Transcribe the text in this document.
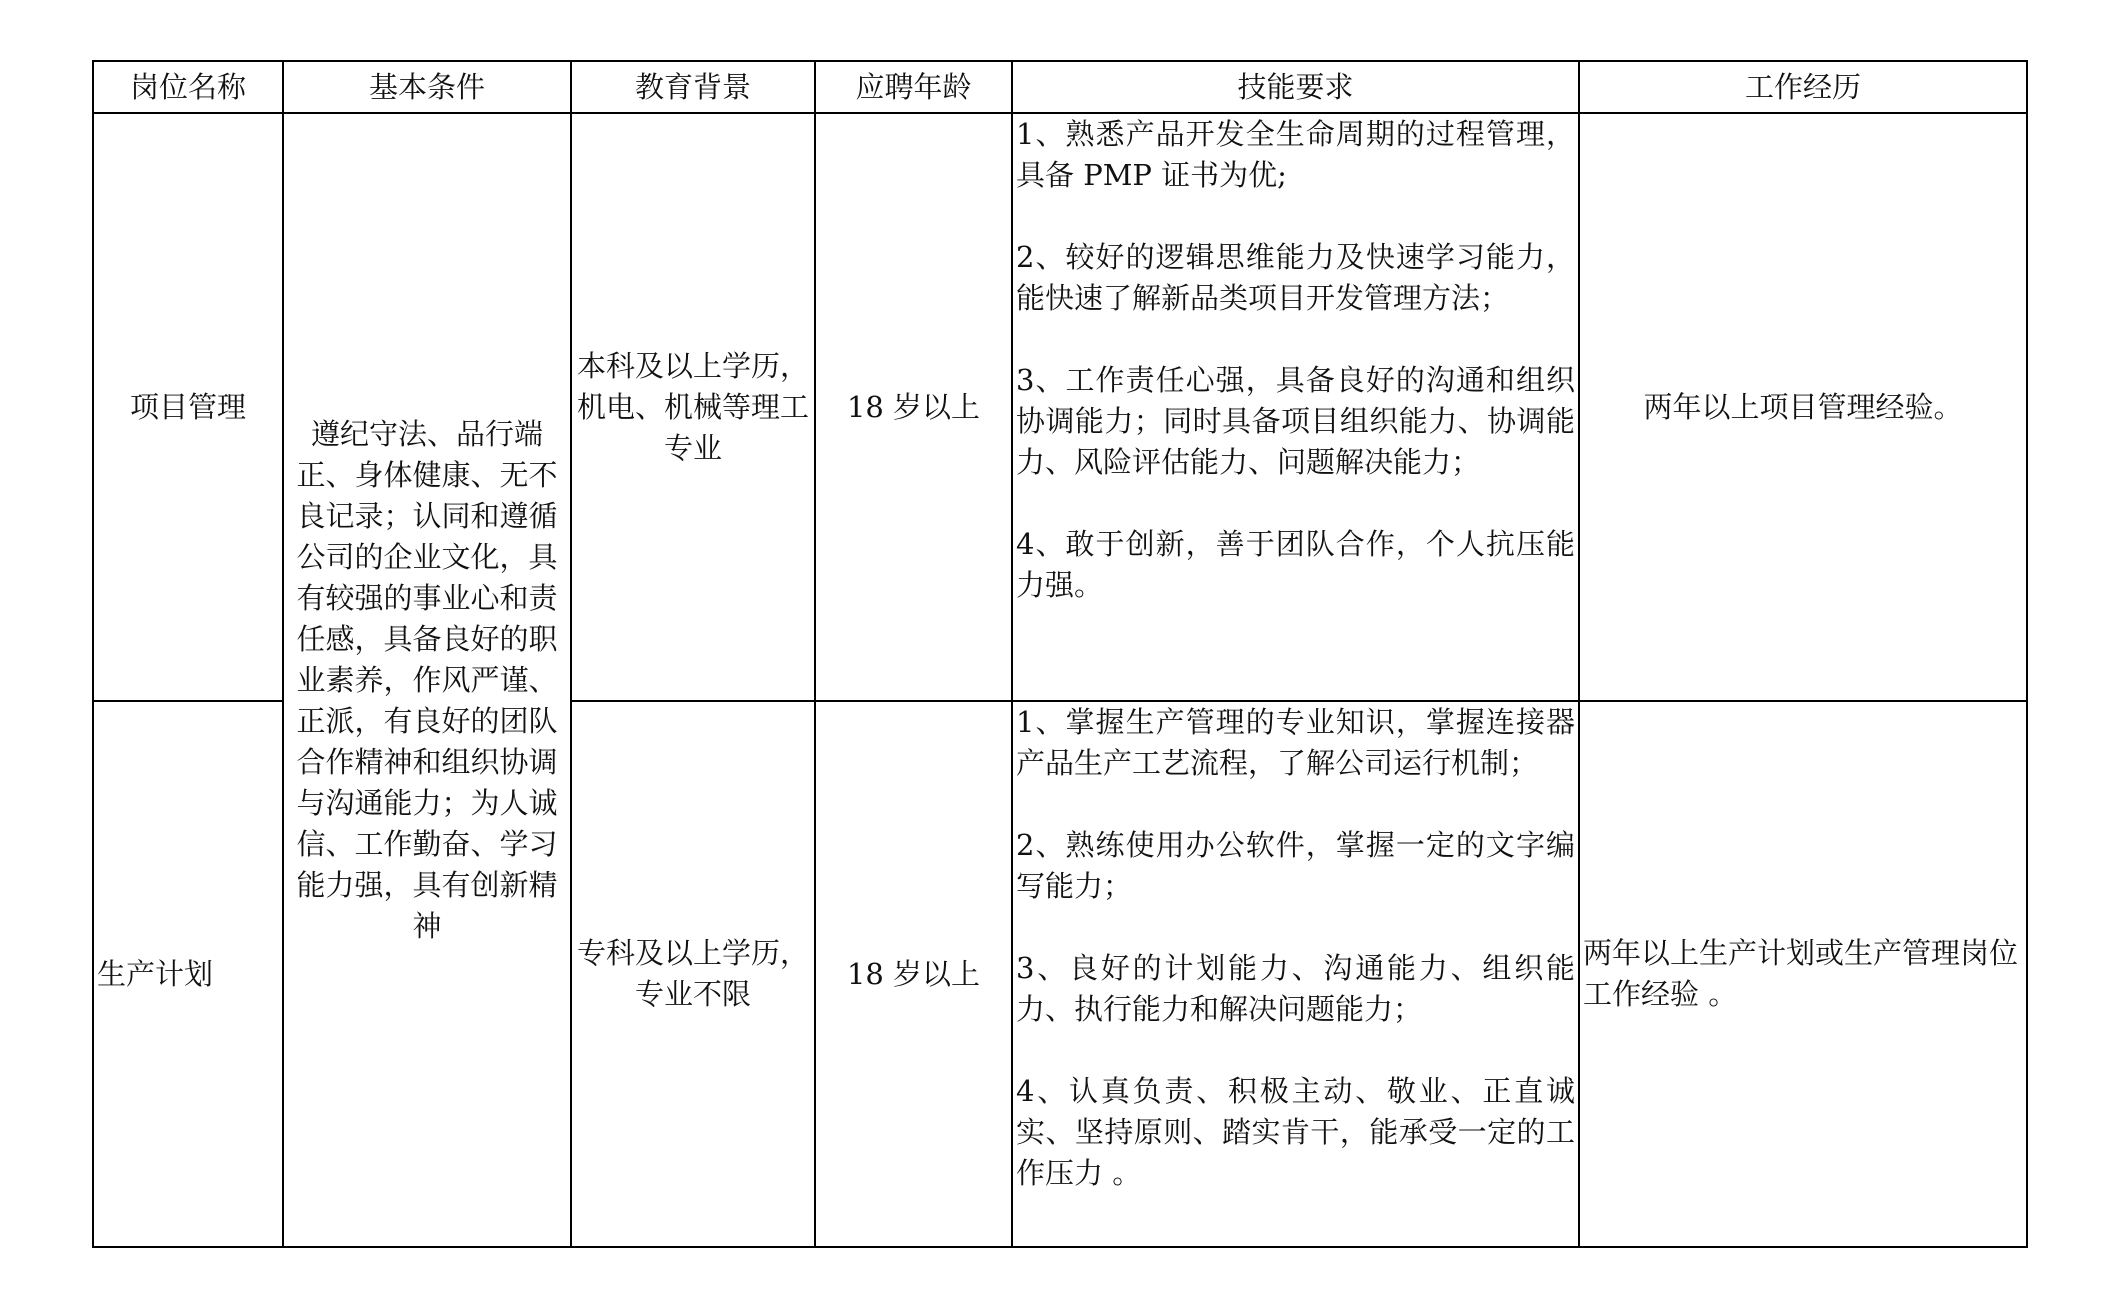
岗位名称	基本条件	教育背景	应聘年龄	技能要求	工作经历
项目管理	遵纪守法、品行端正、身体健康、无不良记录；认同和遵循公司的企业文化，具有较强的事业心和责任感，具备良好的职业素养，作风严谨、正派，有良好的团队合作精神和组织协调与沟通能力；为人诚信、工作勤奋、学习能力强，具有创新精神	本科及以上学历，机电、机械等理工专业	18 岁以上	1、熟悉产品开发全生命周期的过程管理，具备 PMP 证书为优;
2、较好的逻辑思维能力及快速学习能力，能快速了解新品类项目开发管理方法；
3、工作责任心强，具备良好的沟通和组织协调能力；同时具备项目组织能力、协调能力、风险评估能力、问题解决能力；
4、敢于创新，善于团队合作，个人抗压能力强。	两年以上项目管理经验。

生产计划		专科及以上学历，专业不限	18 岁以上	1、掌握生产管理的专业知识，掌握连接器产品生产工艺流程，了解公司运行机制；
2、熟练使用办公软件，掌握一定的文字编写能力；
3、良好的计划能力、沟通能力、组织能力、执行能力和解决问题能力；
4、认真负责、积极主动、敬业、正直诚实、坚持原则、踏实肯干，能承受一定的工作压力 。	两年以上生产计划或生产管理岗位工作经验 。
